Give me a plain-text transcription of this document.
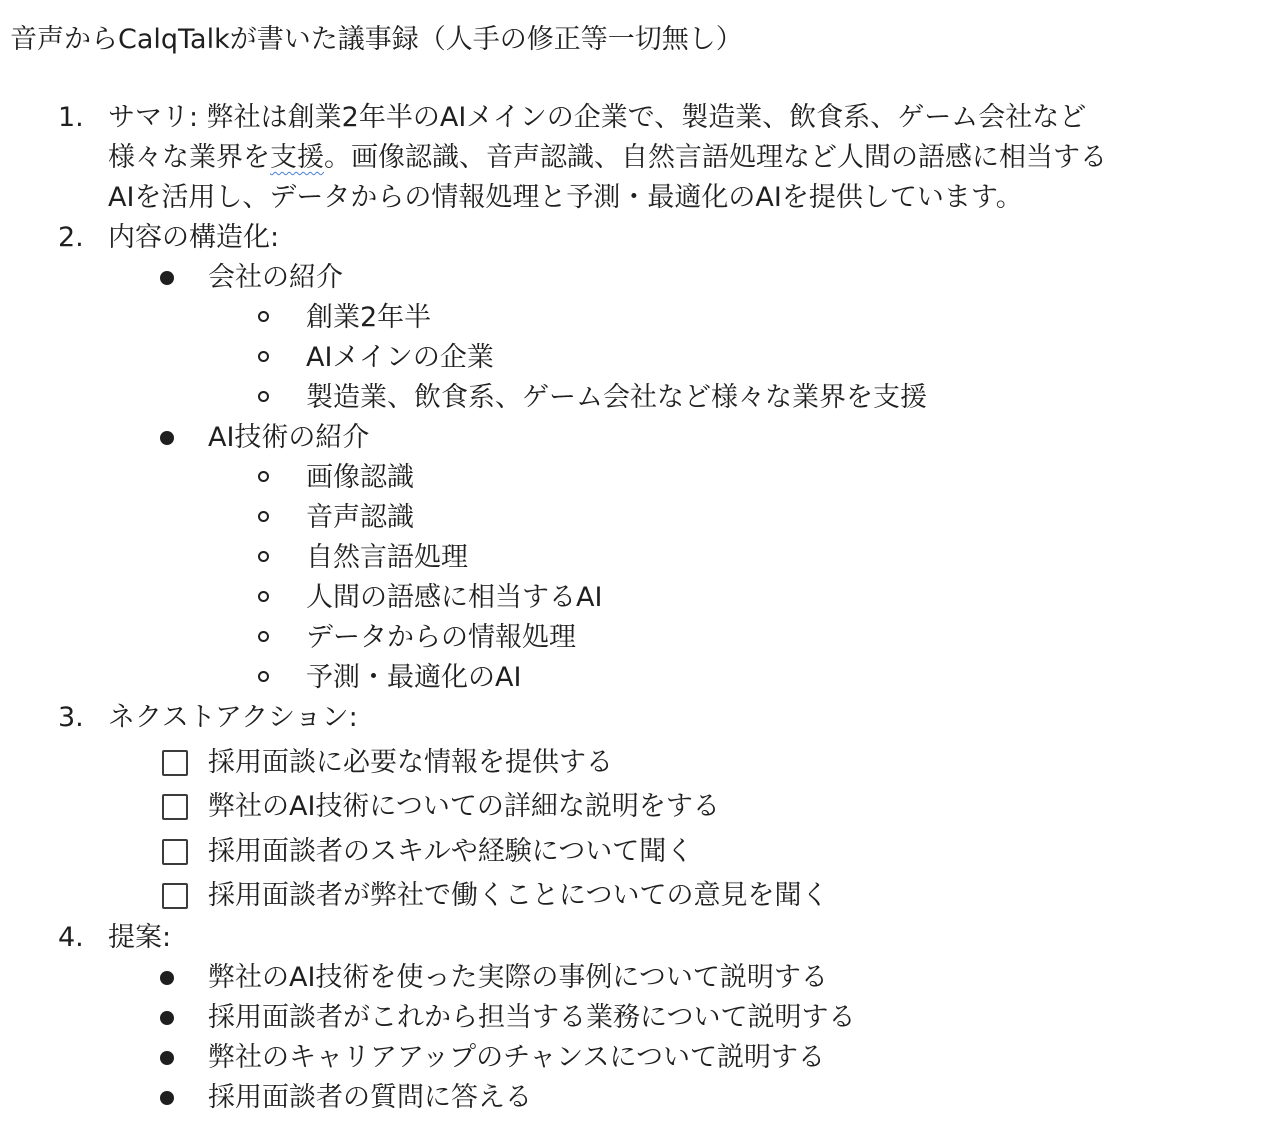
音声からCalqTalkが書いた議事録（人手の修正等一切無し）
1. サマリ: 弊社は創業2年半のAIメインの企業で、製造業、飲食系、ゲーム会社など
様々な業界を支援。画像認識、音声認識、自然言語処理など人間の語感に相当する
AIを活用し、データからの情報処理と予測・最適化のAIを提供しています。
2. 内容の構造化:
会社の紹介
創業2年半
AIメインの企業
製造業、飲食系、ゲーム会社など様々な業界を支援
AI技術の紹介
画像認識
音声認識
自然言語処理
人間の語感に相当するAI
データからの情報処理
予測・最適化のAI
3. ネクストアクション:
採用面談に必要な情報を提供する
弊社のAI技術についての詳細な説明をする
採用面談者のスキルや経験について聞く
採用面談者が弊社で働くことについての意見を聞く
4. 提案:
弊社のAI技術を使った実際の事例について説明する
採用面談者がこれから担当する業務について説明する
弊社のキャリアアップのチャンスについて説明する
採用面談者の質問に答える
